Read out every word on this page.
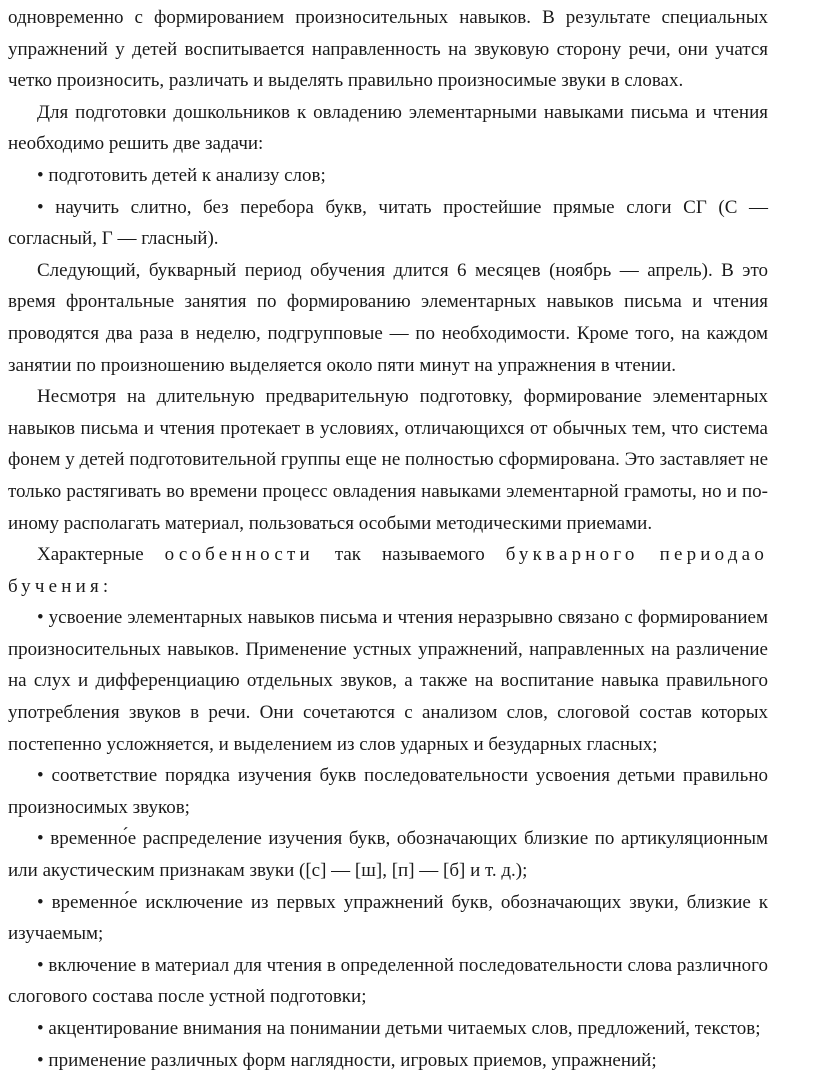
одновременно с формированием произносительных навыков. В результате специальных упражнений у детей воспитывается направленность на звуковую сторону речи, они учатся четко произносить, различать и выделять правильно произносимые звуки в словах.

Для подготовки дошкольников к овладению элементарными навыками письма и чтения необходимо решить две задачи:

• подготовить детей к анализу слов;

• научить слитно, без перебора букв, читать простейшие прямые слоги СГ (С — согласный, Г — гласный).

Следующий, букварный период обучения длится 6 месяцев (ноябрь — апрель). В это время фронтальные занятия по формированию элементарных навыков письма и чтения проводятся два раза в неделю, подгрупповые — по необходимости. Кроме того, на каждом занятии по произношению выделяется около пяти минут на упражнения в чтении.

Несмотря на длительную предварительную подготовку, формирование элементарных навыков письма и чтения протекает в условиях, отличающихся от обычных тем, что система фонем у детей подготовительной группы еще не полностью сформирована. Это заставляет не только растягивать во времени процесс овладения навыками элементарной грамоты, но и по-иному располагать материал, пользоваться особыми методическими приемами.

Характерные особенности так называемого букварного периодао

бучения:

• усвоение элементарных навыков письма и чтения неразрывно связано с формированием произносительных навыков. Применение устных упражнений, направленных на различение на слух и дифференциацию отдельных звуков, а также на воспитание навыка правильного употребления звуков в речи. Они сочетаются с анализом слов, слоговой состав которых постепенно усложняется, и выделением из слов ударных и безударных гласных;

• соответствие порядка изучения букв последовательности усвоения детьми правильно произносимых звуков;

• временно́е распределение изучения букв, обозначающих близкие по артикуляционным или акустическим признакам звуки ([с] — [ш], [п] — [б] и т. д.);

• временно́е исключение из первых упражнений букв, обозначающих звуки, близкие к изучаемым;

• включение в материал для чтения в определенной последовательности слова различного слогового состава после устной подготовки;

• акцентирование внимания на понимании детьми читаемых слов, предложений, текстов;

• применение различных форм наглядности, игровых приемов, упражнений;
